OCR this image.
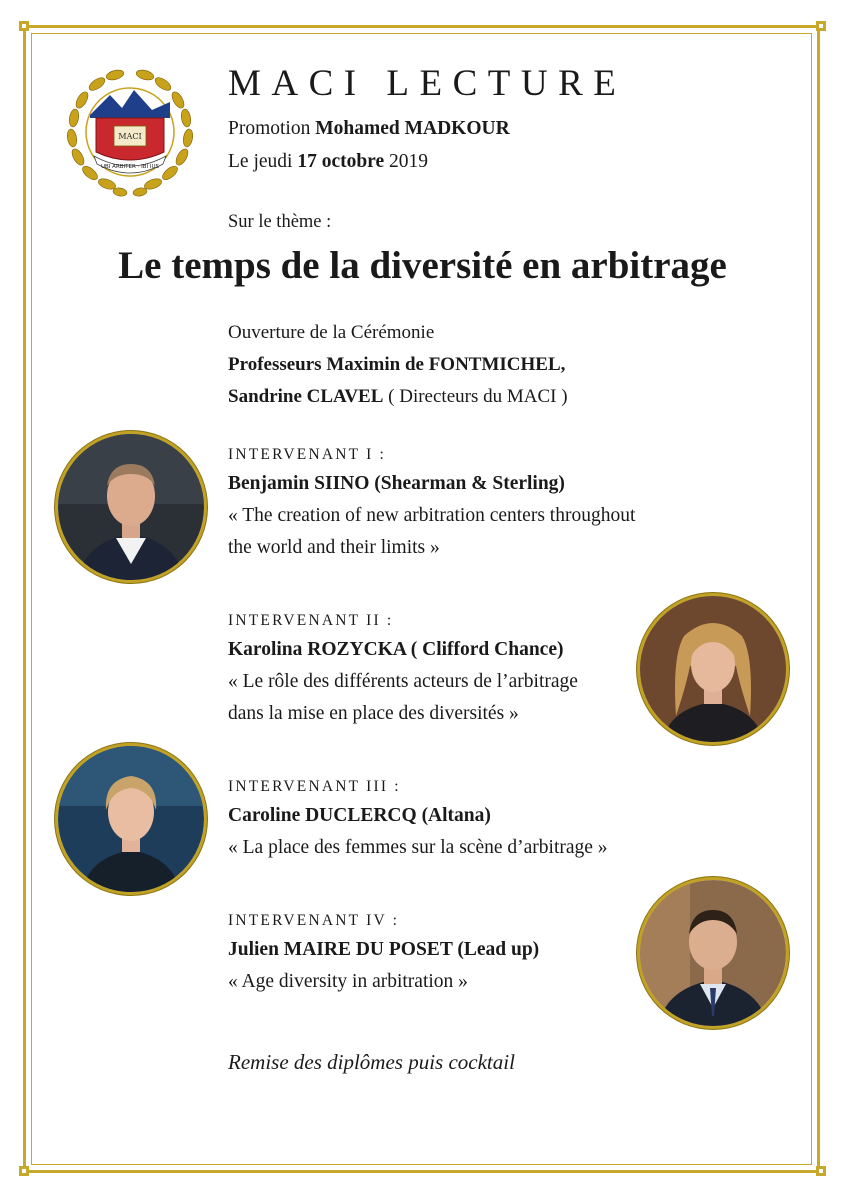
MACI
UBI ARBITER · IBI IUS
MACI LECTURE
Promotion Mohamed MADKOUR
Le jeudi 17 octobre 2019
Sur le thème :
Le temps de la diversité en arbitrage
Ouverture de la Cérémonie
Professeurs Maximin de FONTMICHEL,
Sandrine CLAVEL ( Directeurs du MACI )
INTERVENANT I :
Benjamin SIINO (Shearman & Sterling)
« The creation of new arbitration centers throughout
the world and their limits »
INTERVENANT II :
Karolina ROZYCKA ( Clifford Chance)
« Le rôle des différents acteurs de l’arbitrage
dans la mise en place des diversités »
INTERVENANT III :
Caroline DUCLERCQ (Altana)
« La place des femmes sur la scène d’arbitrage »
INTERVENANT IV :
Julien MAIRE DU POSET (Lead up)
« Age diversity in arbitration »
Remise des diplômes puis cocktail
